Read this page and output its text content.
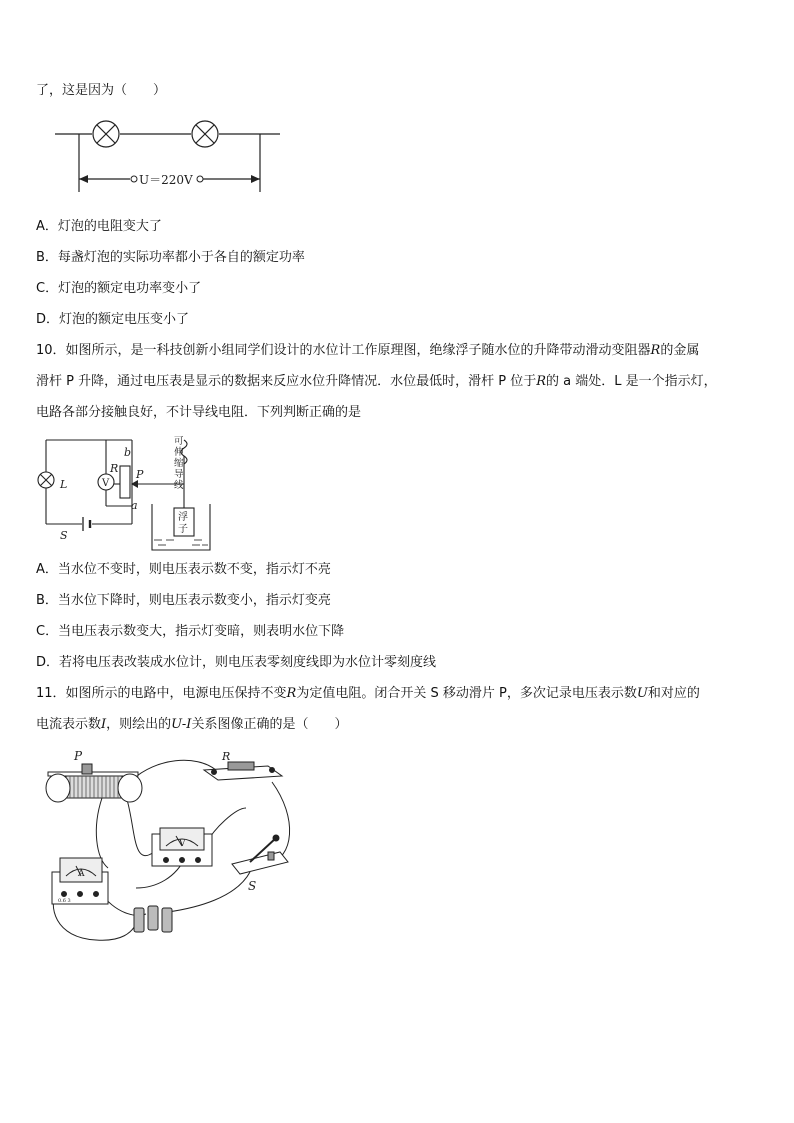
了，这是因为（　　）
U＝220V
A．灯泡的电阻变大了
B．每盏灯泡的实际功率都小于各自的额定功率
C．灯泡的额定电功率变小了
D．灯泡的额定电压变小了
10．如图所示，是一科技创新小组同学们设计的水位计工作原理图，绝缘浮子随水位的升降带动滑动变阻器R的金属
滑杆 P 升降，通过电压表是显示的数据来反应水位升降情况．水位最低时，滑杆 P 位于R的 a 端处．L 是一个指示灯，
电路各部分接触良好，不计导线电阻．下列判断正确的是
V
浮
子
可
伸
缩
导
线
L
R
b
P
a
S
A．当水位不变时，则电压表示数不变，指示灯不亮
B．当水位下降时，则电压表示数变小，指示灯变亮
C．当电压表示数变大，指示灯变暗，则表明水位下降
D．若将电压表改装成水位计，则电压表零刻度线即为水位计零刻度线
11．如图所示的电路中，电源电压保持不变R为定值电阻。闭合开关 S 移动滑片 P，多次记录电压表示数U和对应的
电流表示数I，则绘出的U-I关系图像正确的是（　　）
P	R
V
A
0.6 3
S
